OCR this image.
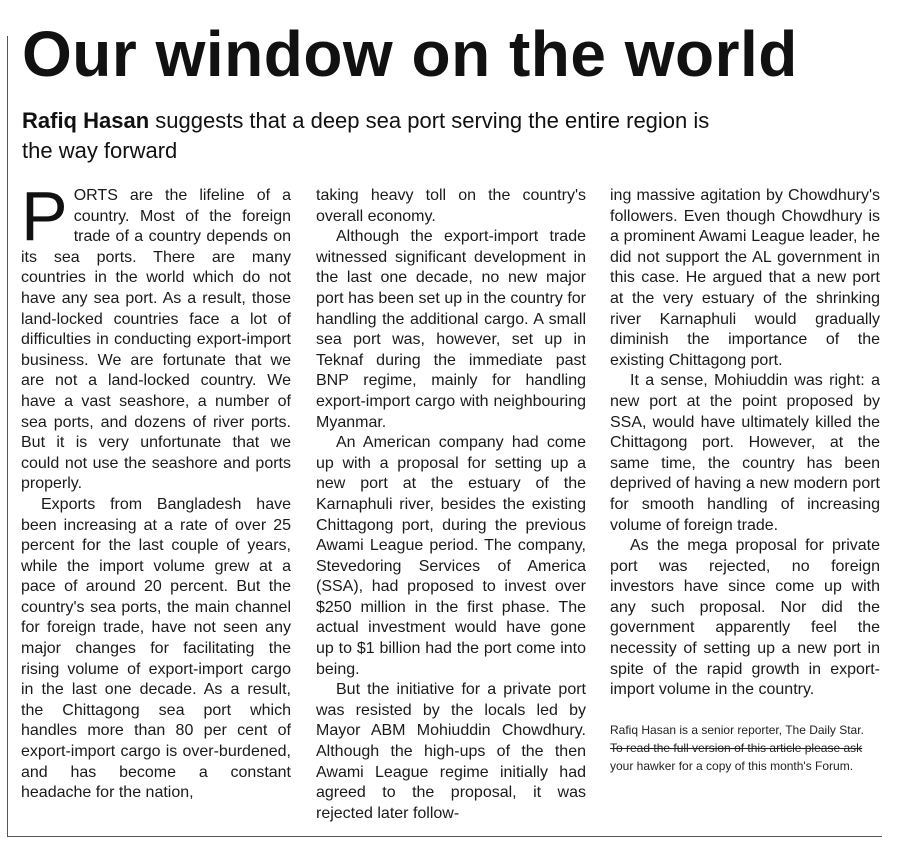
Our window on the world
Rafiq Hasan suggests that a deep sea port serving the entire region is the way forward

PORTS are the lifeline of a country. Most of the foreign trade of a country depends on its sea ports. There are many countries in the world which do not have any sea port. As a result, those land-locked countries face a lot of difficulties in conducting export-import business. We are fortunate that we are not a land-locked country. We have a vast seashore, a number of sea ports, and dozens of river ports. But it is very unfortunate that we could not use the seashore and ports properly.

Exports from Bangladesh have been increasing at a rate of over 25 percent for the last couple of years, while the import volume grew at a pace of around 20 percent. But the country's sea ports, the main channel for foreign trade, have not seen any major changes for facilitating the rising volume of export-import cargo in the last one decade. As a result, the Chittagong sea port which handles more than 80 per cent of export-import cargo is over-burdened, and has become a constant headache for the nation,

taking heavy toll on the country's overall economy.

Although the export-import trade witnessed significant development in the last one decade, no new major port has been set up in the country for handling the additional cargo. A small sea port was, however, set up in Teknaf during the immediate past BNP regime, mainly for handling export-import cargo with neighbouring Myanmar.

An American company had come up with a proposal for setting up a new port at the estuary of the Karnaphuli river, besides the existing Chittagong port, during the previous Awami League period. The company, Stevedoring Services of America (SSA), had proposed to invest over $250 million in the first phase. The actual investment would have gone up to $1 billion had the port come into being.

But the initiative for a private port was resisted by the locals led by Mayor ABM Mohiuddin Chowdhury. Although the high-ups of the then Awami League regime initially had agreed to the proposal, it was rejected later follow-

ing massive agitation by Chowdhury's followers. Even though Chowdhury is a prominent Awami League leader, he did not support the AL government in this case. He argued that a new port at the very estuary of the shrinking river Karnaphuli would gradually diminish the importance of the existing Chittagong port.

It a sense, Mohiuddin was right: a new port at the point proposed by SSA, would have ultimately killed the Chittagong port. However, at the same time, the country has been deprived of having a new modern port for smooth handling of increasing volume of foreign trade.

As the mega proposal for private port was rejected, no foreign investors have since come up with any such proposal. Nor did the government apparently feel the necessity of setting up a new port in spite of the rapid growth in export-import volume in the country.

Rafiq Hasan is a senior reporter, The Daily Star.
To read the full version of this article please ask
your hawker for a copy of this month's Forum.
